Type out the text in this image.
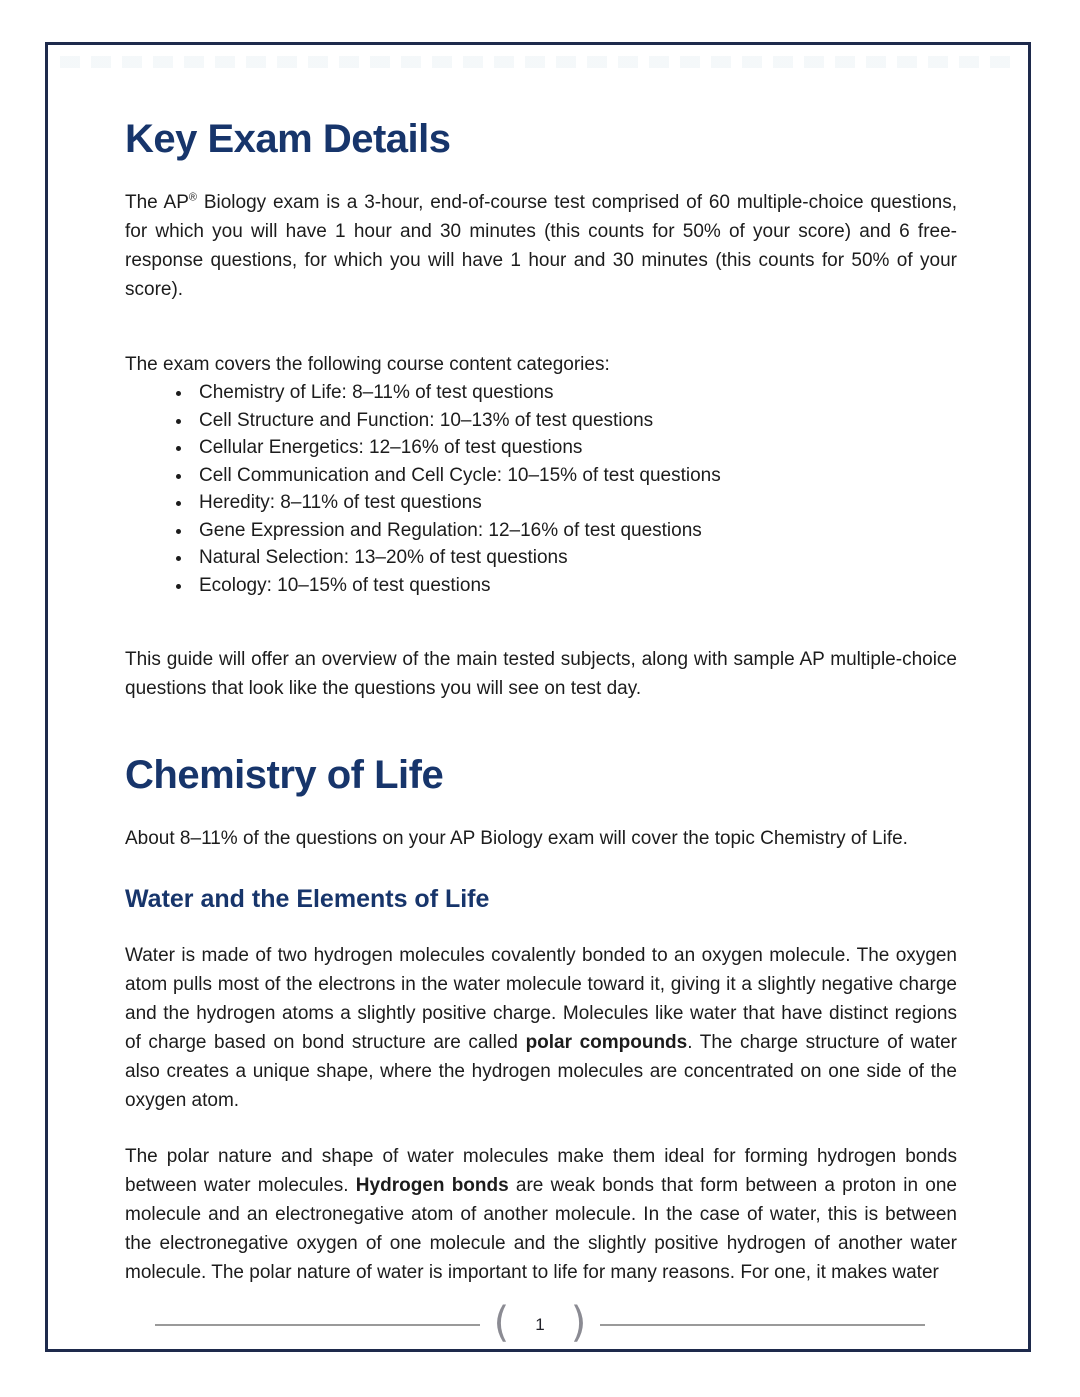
Key Exam Details

The AP® Biology exam is a 3-hour, end-of-course test comprised of 60 multiple-choice questions, for which you will have 1 hour and 30 minutes (this counts for 50% of your score) and 6 free-response questions, for which you will have 1 hour and 30 minutes (this counts for 50% of your score).

The exam covers the following course content categories:

• Chemistry of Life: 8–11% of test questions
• Cell Structure and Function: 10–13% of test questions
• Cellular Energetics: 12–16% of test questions
• Cell Communication and Cell Cycle: 10–15% of test questions
• Heredity: 8–11% of test questions
• Gene Expression and Regulation: 12–16% of test questions
• Natural Selection: 13–20% of test questions
• Ecology: 10–15% of test questions

This guide will offer an overview of the main tested subjects, along with sample AP multiple-choice questions that look like the questions you will see on test day.

Chemistry of Life

About 8–11% of the questions on your AP Biology exam will cover the topic Chemistry of Life.

Water and the Elements of Life

Water is made of two hydrogen molecules covalently bonded to an oxygen molecule. The oxygen atom pulls most of the electrons in the water molecule toward it, giving it a slightly negative charge and the hydrogen atoms a slightly positive charge. Molecules like water that have distinct regions of charge based on bond structure are called polar compounds. The charge structure of water also creates a unique shape, where the hydrogen molecules are concentrated on one side of the oxygen atom.

The polar nature and shape of water molecules make them ideal for forming hydrogen bonds between water molecules. Hydrogen bonds are weak bonds that form between a proton in one molecule and an electronegative atom of another molecule. In the case of water, this is between the electronegative oxygen of one molecule and the slightly positive hydrogen of another water molecule. The polar nature of water is important to life for many reasons. For one, it makes water

( 1 )
